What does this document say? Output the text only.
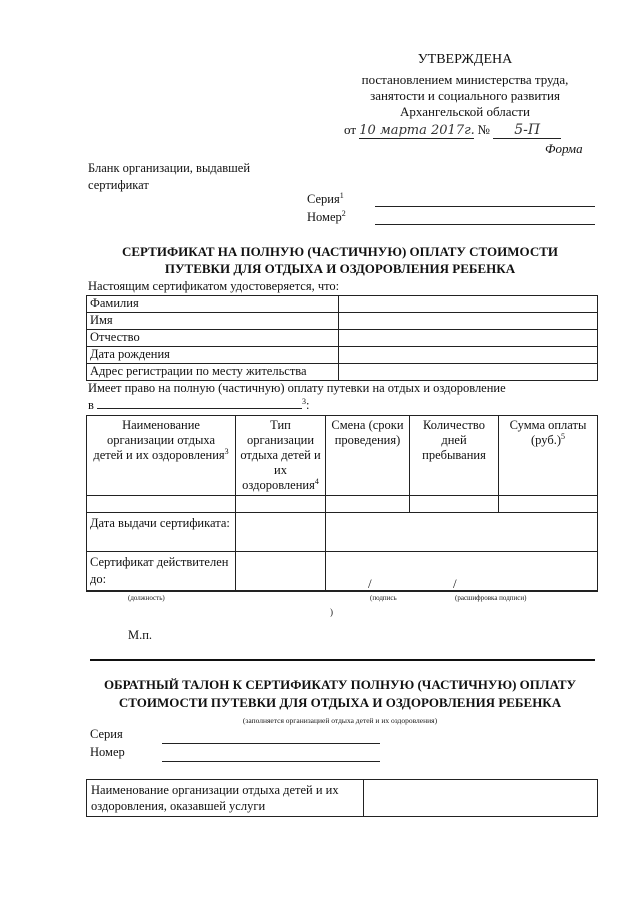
УТВЕРЖДЕНА
постановлением министерства труда,
занятости и социального развития
Архангельской области
от 10 марта 2017г. № 5-П
Форма
Бланк организации, выдавшей
сертификат
Серия$^1$
Номер$^2$
СЕРТИФИКАТ НА ПОЛНУЮ (ЧАСТИЧНУЮ) ОПЛАТУ СТОИМОСТИ
ПУТЕВКИ ДЛЯ ОТДЫХА И ОЗДОРОВЛЕНИЯ РЕБЕНКА
Настоящим сертификатом удостоверяется, что:
Фамилия	
Имя	
Отчество	
Дата рождения	
Адрес регистрации по месту жительства	
Имеет право на полную (частичную) оплату путевки на отдых и оздоровление
в	$^3$:
Наименование организации отдыха детей и их оздоровления$^3$	Тип организации отдыха детей и их оздоровления$^4$	Смена (сроки проведения)	Количество дней пребывания	Сумма оплаты $(руб.)^5$

Дата выдачи сертификата:				
Сертификат действителен до:					/	/
(должность)	(подпись	(расшифровка подписи)
)
М.п.
ОБРАТНЫЙ ТАЛОН К СЕРТИФИКАТУ ПОЛНУЮ (ЧАСТИЧНУЮ) ОПЛАТУ
СТОИМОСТИ ПУТЕВКИ ДЛЯ ОТДЫХА И ОЗДОРОВЛЕНИЯ РЕБЕНКА
(заполняется организацией отдыха детей и их оздоровления)
Серия
Номер
Наименование организации отдыха детей и их оздоровления, оказавшей услуги	
